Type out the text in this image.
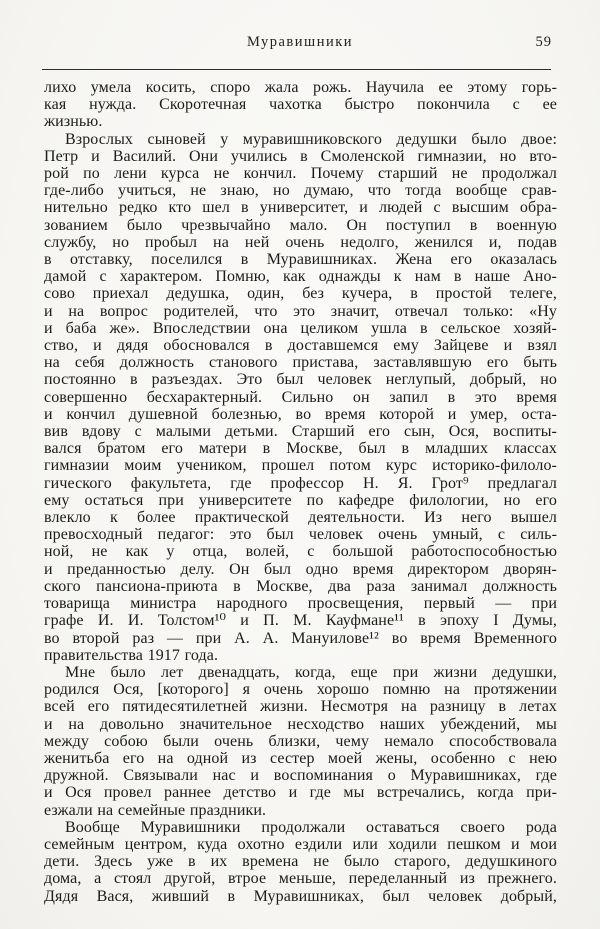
Муравишники	59
лихо умела косить, споро жала рожь. Научила ее этому горь-
кая нужда. Скоротечная чахотка быстро покончила с ее
жизнью.
Взрослых сыновей у муравишниковского дедушки было двое:
Петр и Василий. Они учились в Смоленской гимназии, но вто-
рой по лени курса не кончил. Почему старший не продолжал
где-либо учиться, не знаю, но думаю, что тогда вообще срав-
нительно редко кто шел в университет, и людей с высшим обра-
зованием было чрезвычайно мало. Он поступил в военную
службу, но пробыл на ней очень недолго, женился и, подав
в отставку, поселился в Муравишниках. Жена его оказалась
дамой с характером. Помню, как однажды к нам в наше Ано-
сово приехал дедушка, один, без кучера, в простой телеге,
и на вопрос родителей, что это значит, отвечал только: «Ну
и баба же». Впоследствии она целиком ушла в сельское хозяй-
ство, и дядя обосновался в доставшемся ему Зайцеве и взял
на себя должность станового пристава, заставлявшую его быть
постоянно в разъездах. Это был человек неглупый, добрый, но
совершенно бесхарактерный. Сильно он запил в это время
и кончил душевной болезнью, во время которой и умер, оста-
вив вдову с малыми детьми. Старший его сын, Ося, воспиты-
вался братом его матери в Москве, был в младших классах
гимназии моим учеником, прошел потом курс историко-филоло-
гического факультета, где профессор Н. Я. Грот⁹ предлагал
ему остаться при университете по кафедре филологии, но его
влекло к более практической деятельности. Из него вышел
превосходный педагог: это был человек очень умный, с силь-
ной, не как у отца, волей, с большой работоспособностью
и преданностью делу. Он был одно время директором дворян-
ского пансиона-приюта в Москве, два раза занимал должность
товарища министра народного просвещения, первый — при
графе И. И. Толстом¹⁰ и П. М. Кауфмане¹¹ в эпоху I Думы,
во второй раз — при А. А. Мануилове¹² во время Временного
правительства 1917 года.
Мне было лет двенадцать, когда, еще при жизни дедушки,
родился Ося, [которого] я очень хорошо помню на протяжении
всей его пятидесятилетней жизни. Несмотря на разницу в летах
и на довольно значительное несходство наших убеждений, мы
между собою были очень близки, чему немало способствовала
женитьба его на одной из сестер моей жены, особенно с нею
дружной. Связывали нас и воспоминания о Муравишниках, где
и Ося провел раннее детство и где мы встречались, когда при-
езжали на семейные праздники.
Вообще Муравишники продолжали оставаться своего рода
семейным центром, куда охотно ездили или ходили пешком и мои
дети. Здесь уже в их времена не было старого, дедушкиного
дома, а стоял другой, втрое меньше, переделанный из прежнего.
Дядя Вася, живший в Муравишниках, был человек добрый,
